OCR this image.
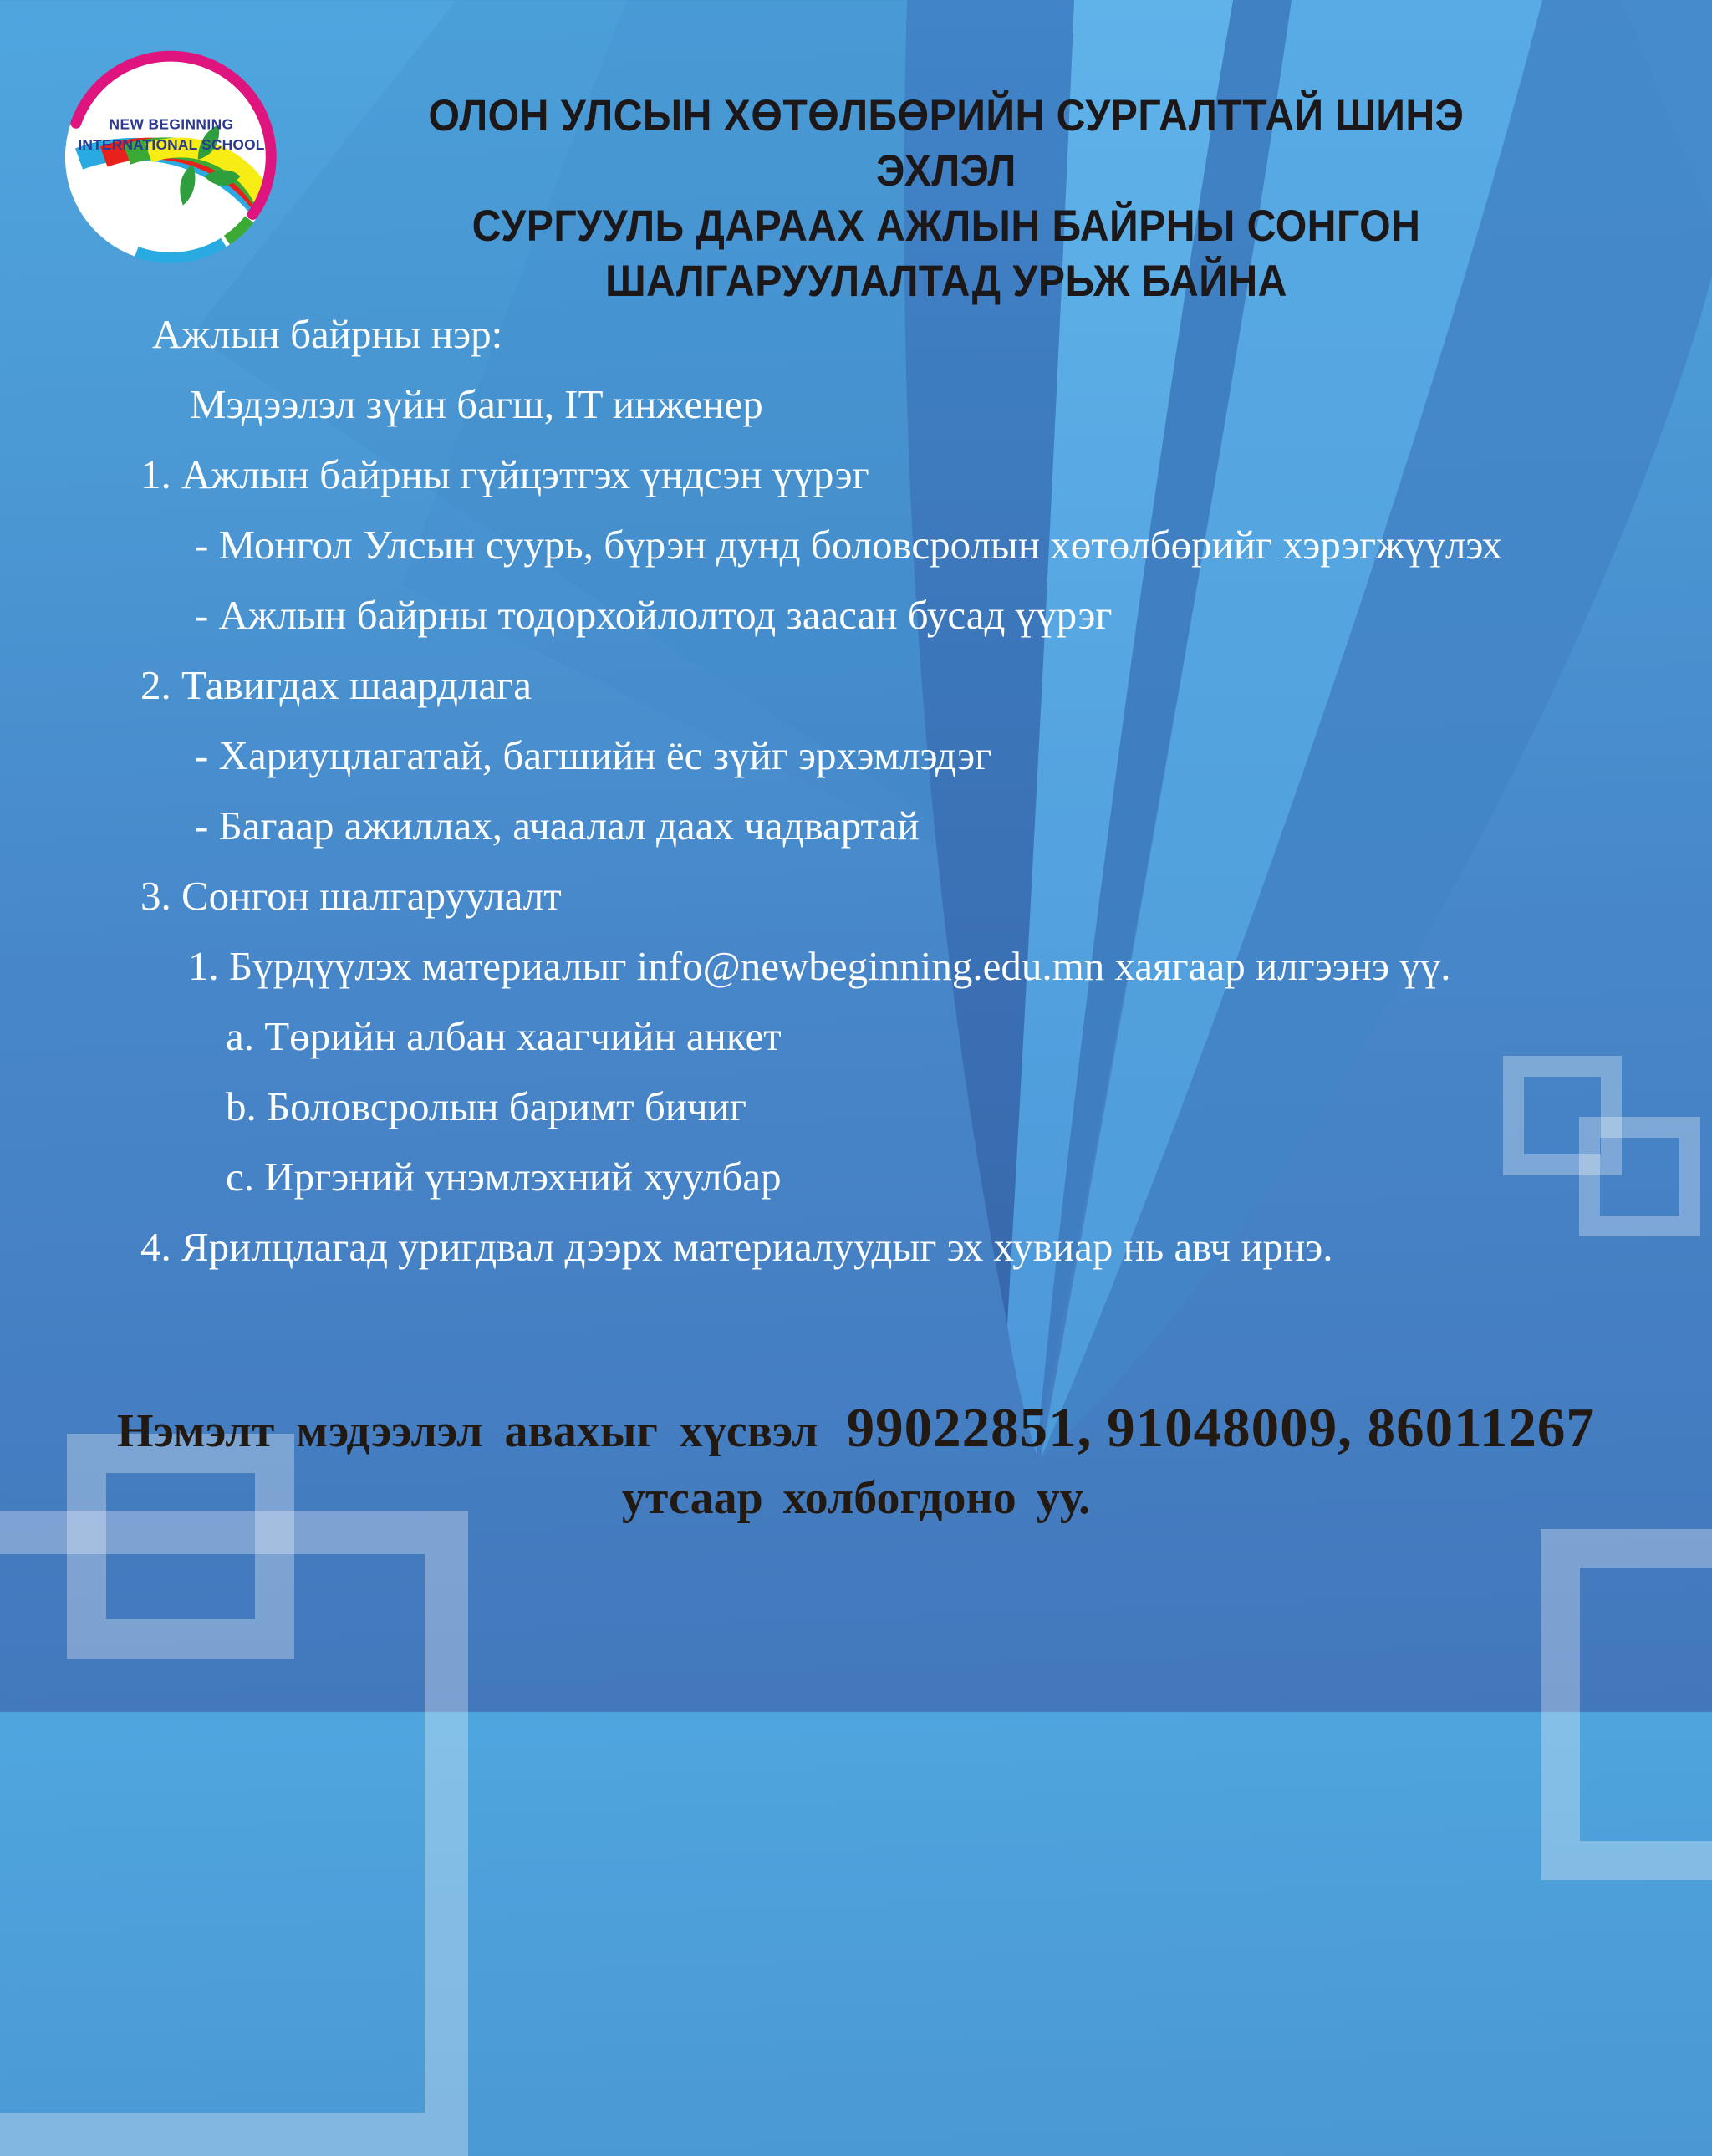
NEW BEGINNING
INTERNATIONAL SCHOOL
ОЛОН УЛСЫН ХӨТӨЛБӨРИЙН СУРГАЛТТАЙ ШИНЭ ЭХЛЭЛ
СУРГУУЛЬ ДАРААХ АЖЛЫН БАЙРНЫ СОНГОН
ШАЛГАРУУЛАЛТАД УРЬЖ БАЙНА
Ажлын байрны нэр:
Мэдээлэл зүйн багш, IT инженер
1. Ажлын байрны гүйцэтгэх үндсэн үүрэг
- Монгол Улсын суурь, бүрэн дунд боловсролын хөтөлбөрийг хэрэгжүүлэх
- Ажлын байрны тодорхойлолтод заасан бусад үүрэг
2. Тавигдах шаардлага
- Хариуцлагатай, багшийн ёс зүйг эрхэмлэдэг
- Багаар ажиллах, ачаалал даах чадвартай
3. Сонгон шалгаруулалт
1. Бүрдүүлэх материалыг info@newbeginning.edu.mn хаягаар илгээнэ үү.
a. Төрийн албан хаагчийн анкет
b. Боловсролын баримт бичиг
c. Иргэний үнэмлэхний хуулбар
4. Ярилцлагад уригдвал дээрх материалуудыг эх хувиар нь авч ирнэ.
Нэмэлт мэдээлэл авахыг хүсвэл 99022851, 91048009, 86011267
утсаар холбогдоно уу.
